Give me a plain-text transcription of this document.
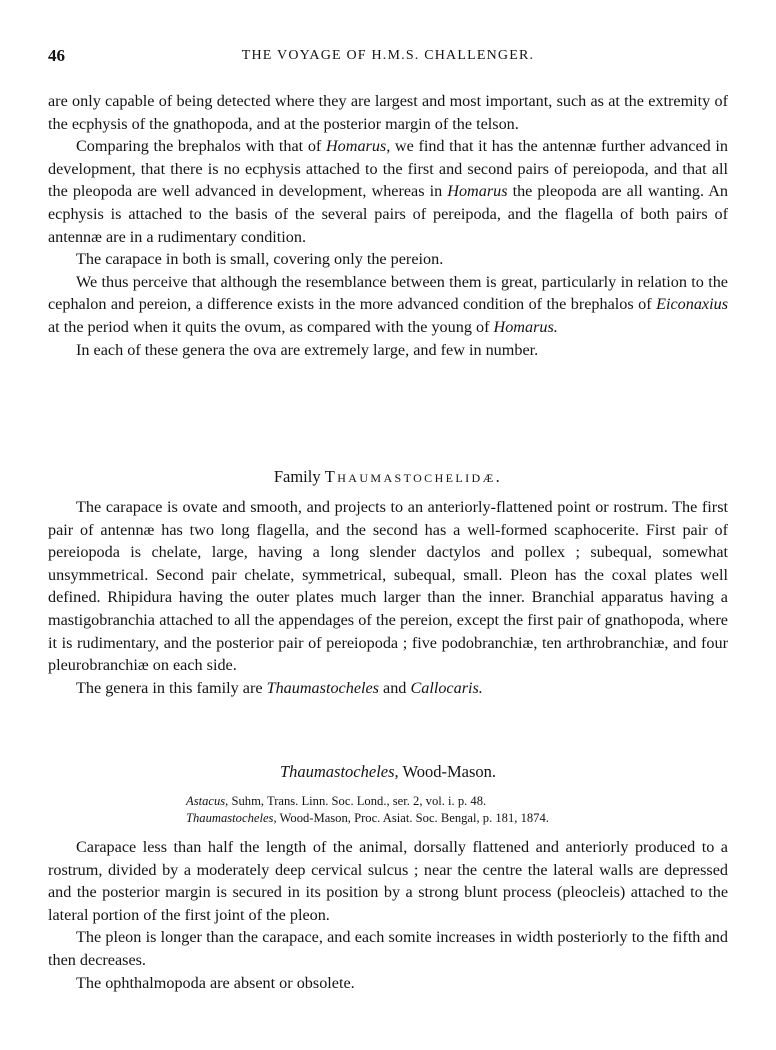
46	THE VOYAGE OF H.M.S. CHALLENGER.

are only capable of being detected where they are largest and most important, such as at the extremity of the ecphysis of the gnathopoda, and at the posterior margin of the telson.

Comparing the brephalos with that of Homarus, we find that it has the antennæ further advanced in development, that there is no ecphysis attached to the first and second pairs of pereiopoda, and that all the pleopoda are well advanced in development, whereas in Homarus the pleopoda are all wanting. An ecphysis is attached to the basis of the several pairs of pereipoda, and the flagella of both pairs of antennæ are in a rudimentary condition.

The carapace in both is small, covering only the pereion.

We thus perceive that although the resemblance between them is great, particularly in relation to the cephalon and pereion, a difference exists in the more advanced condition of the brephalos of Eiconaxius at the period when it quits the ovum, as compared with the young of Homarus.

In each of these genera the ova are extremely large, and few in number.

Family Thaumastochelidæ.

The carapace is ovate and smooth, and projects to an anteriorly-flattened point or rostrum. The first pair of antennæ has two long flagella, and the second has a well-formed scaphocerite. First pair of pereiopoda is chelate, large, having a long slender dactylos and pollex ; subequal, somewhat unsymmetrical. Second pair chelate, symmetrical, subequal, small. Pleon has the coxal plates well defined. Rhipidura having the outer plates much larger than the inner. Branchial apparatus having a mastigobranchia attached to all the appendages of the pereion, except the first pair of gnathopoda, where it is rudimentary, and the posterior pair of pereiopoda ; five podobranchiæ, ten arthrobranchiæ, and four pleurobranchiæ on each side.

The genera in this family are Thaumastocheles and Callocaris.

Thaumastocheles, Wood-Mason.
Astacus, Suhm, Trans. Linn. Soc. Lond., ser. 2, vol. i. p. 48.
Thaumastocheles, Wood-Mason, Proc. Asiat. Soc. Bengal, p. 181, 1874.

Carapace less than half the length of the animal, dorsally flattened and anteriorly produced to a rostrum, divided by a moderately deep cervical sulcus ; near the centre the lateral walls are depressed and the posterior margin is secured in its position by a strong blunt process (pleocleis) attached to the lateral portion of the first joint of the pleon.

The pleon is longer than the carapace, and each somite increases in width posteriorly to the fifth and then decreases.

The ophthalmopoda are absent or obsolete.
